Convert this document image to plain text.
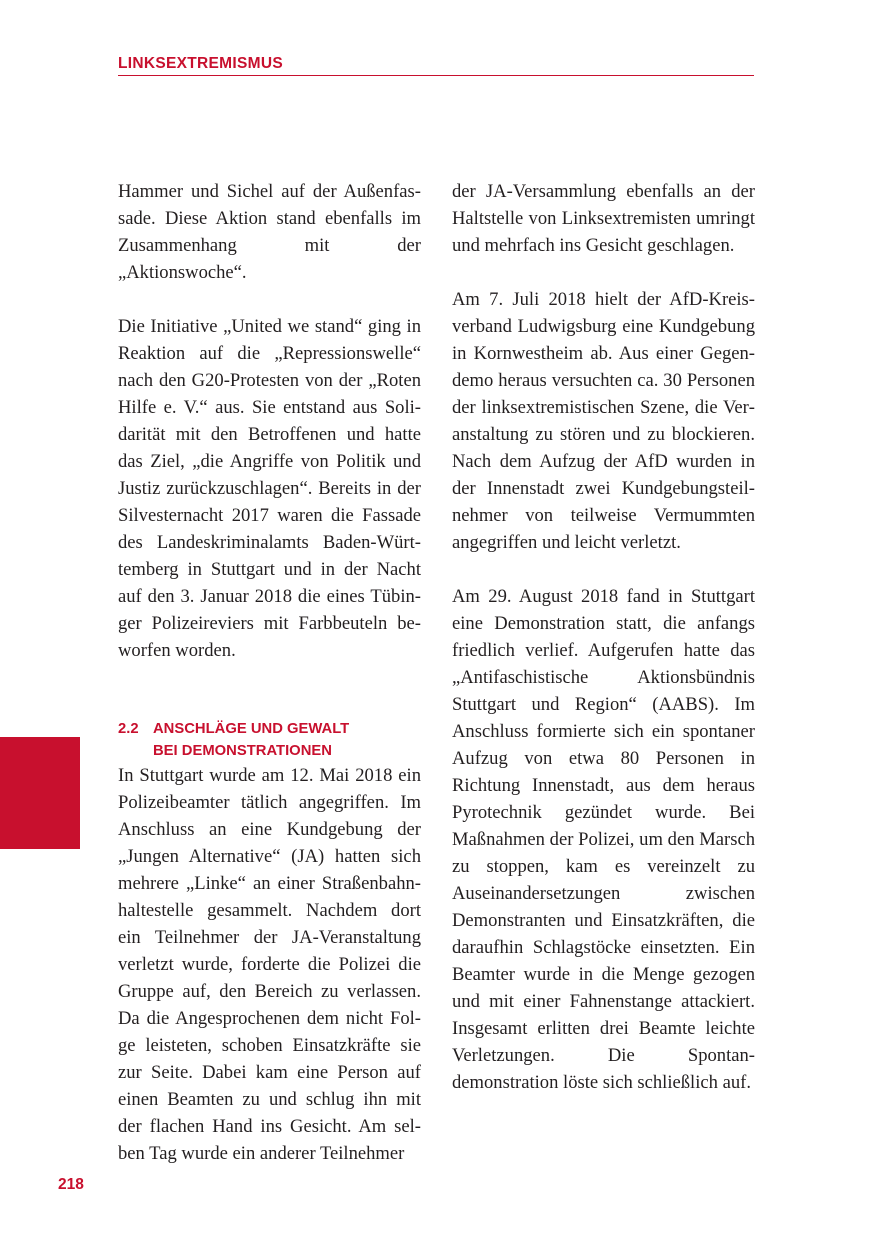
LINKSEXTREMISMUS

Hammer und Sichel auf der Außenfassade. Diese Aktion stand ebenfalls im Zusammenhang mit der „Aktionswoche“.

Die Initiative „United we stand“ ging in Reaktion auf die „Repressionswelle“ nach den G20-Protesten von der „Roten Hilfe e. V.“ aus. Sie entstand aus Solidarität mit den Betroffenen und hatte das Ziel, „die Angriffe von Politik und Justiz zurückzuschlagen“. Bereits in der Silvesternacht 2017 waren die Fassade des Landeskriminalamts Baden-Württemberg in Stuttgart und in der Nacht auf den 3. Januar 2018 die eines Tübinger Polizeireviers mit Farbbeuteln beworfen worden.

2.2 ANSCHLÄGE UND GEWALT
BEI DEMONSTRATIONEN

In Stuttgart wurde am 12. Mai 2018 ein Polizeibeamter tätlich angegriffen. Im Anschluss an eine Kundgebung der „Jungen Alternative“ (JA) hatten sich mehrere „Linke“ an einer Straßenbahnhaltestelle gesammelt. Nachdem dort ein Teilnehmer der JA-Veranstaltung verletzt wurde, forderte die Polizei die Gruppe auf, den Bereich zu verlassen. Da die Angesprochenen dem nicht Folge leisteten, schoben Einsatzkräfte sie zur Seite. Dabei kam eine Person auf einen Beamten zu und schlug ihn mit der flachen Hand ins Gesicht. Am selben Tag wurde ein anderer Teilnehmer

der JA-Versammlung ebenfalls an der Haltstelle von Linksextremisten umringt und mehrfach ins Gesicht geschlagen.

Am 7. Juli 2018 hielt der AfD-Kreisverband Ludwigsburg eine Kundgebung in Kornwestheim ab. Aus einer Gegendemo heraus versuchten ca. 30 Personen der linksextremistischen Szene, die Veranstaltung zu stören und zu blockieren. Nach dem Aufzug der AfD wurden in der Innenstadt zwei Kundgebungsteilnehmer von teilweise Vermummten angegriffen und leicht verletzt.

Am 29. August 2018 fand in Stuttgart eine Demonstration statt, die anfangs friedlich verlief. Aufgerufen hatte das „Antifaschistische Aktionsbündnis Stuttgart und Region“ (AABS). Im Anschluss formierte sich ein spontaner Aufzug von etwa 80 Personen in Richtung Innenstadt, aus dem heraus Pyrotechnik gezündet wurde. Bei Maßnahmen der Polizei, um den Marsch zu stoppen, kam es vereinzelt zu Auseinandersetzungen zwischen Demonstranten und Einsatzkräften, die daraufhin Schlagstöcke einsetzten. Ein Beamter wurde in die Menge gezogen und mit einer Fahnenstange attackiert. Insgesamt erlitten drei Beamte leichte Verletzungen. Die Spontandemonstration löste sich schließlich auf.

218
